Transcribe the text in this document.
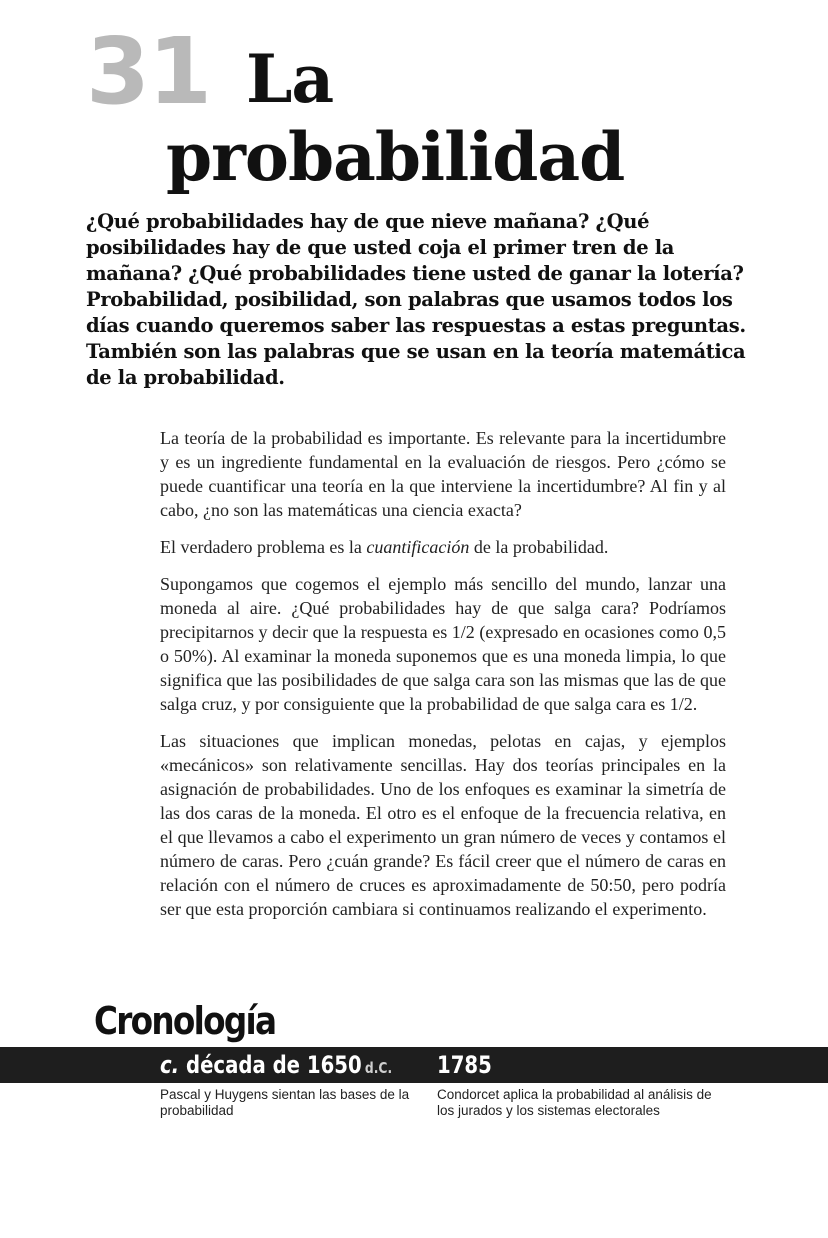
31 La
probabilidad

¿Qué probabilidades hay de que nieve mañana? ¿Qué posibilidades hay de que usted coja el primer tren de la mañana? ¿Qué probabilidades tiene usted de ganar la lotería? Probabilidad, posibilidad, son palabras que usamos todos los días cuando queremos saber las respuestas a estas preguntas. También son las palabras que se usan en la teoría matemática de la probabilidad.

La teoría de la probabilidad es importante. Es relevante para la incertidumbre y es un ingrediente fundamental en la evaluación de riesgos. Pero ¿cómo se puede cuantificar una teoría en la que interviene la incertidumbre? Al fin y al cabo, ¿no son las matemáticas una ciencia exacta?

El verdadero problema es la cuantificación de la probabilidad.

Supongamos que cogemos el ejemplo más sencillo del mundo, lanzar una moneda al aire. ¿Qué probabilidades hay de que salga cara? Podríamos precipitarnos y decir que la respuesta es 1/2 (expresado en ocasiones como 0,5 o 50%). Al examinar la moneda suponemos que es una moneda limpia, lo que significa que las posibilidades de que salga cara son las mismas que las de que salga cruz, y por consiguiente que la probabilidad de que salga cara es 1/2.

Las situaciones que implican monedas, pelotas en cajas, y ejemplos «mecánicos» son relativamente sencillas. Hay dos teorías principales en la asignación de probabilidades. Uno de los enfoques es examinar la simetría de las dos caras de la moneda. El otro es el enfoque de la frecuencia relativa, en el que llevamos a cabo el experimento un gran número de veces y contamos el número de caras. Pero ¿cuán grande? Es fácil creer que el número de caras en relación con el número de cruces es aproximadamente de 50:50, pero podría ser que esta proporción cambiara si continuamos realizando el experimento.

Cronología
c. década de 1650 d.C.
Pascal y Huygens sientan las bases de la probabilidad
1785
Condorcet aplica la probabilidad al análisis de los jurados y los sistemas electorales
